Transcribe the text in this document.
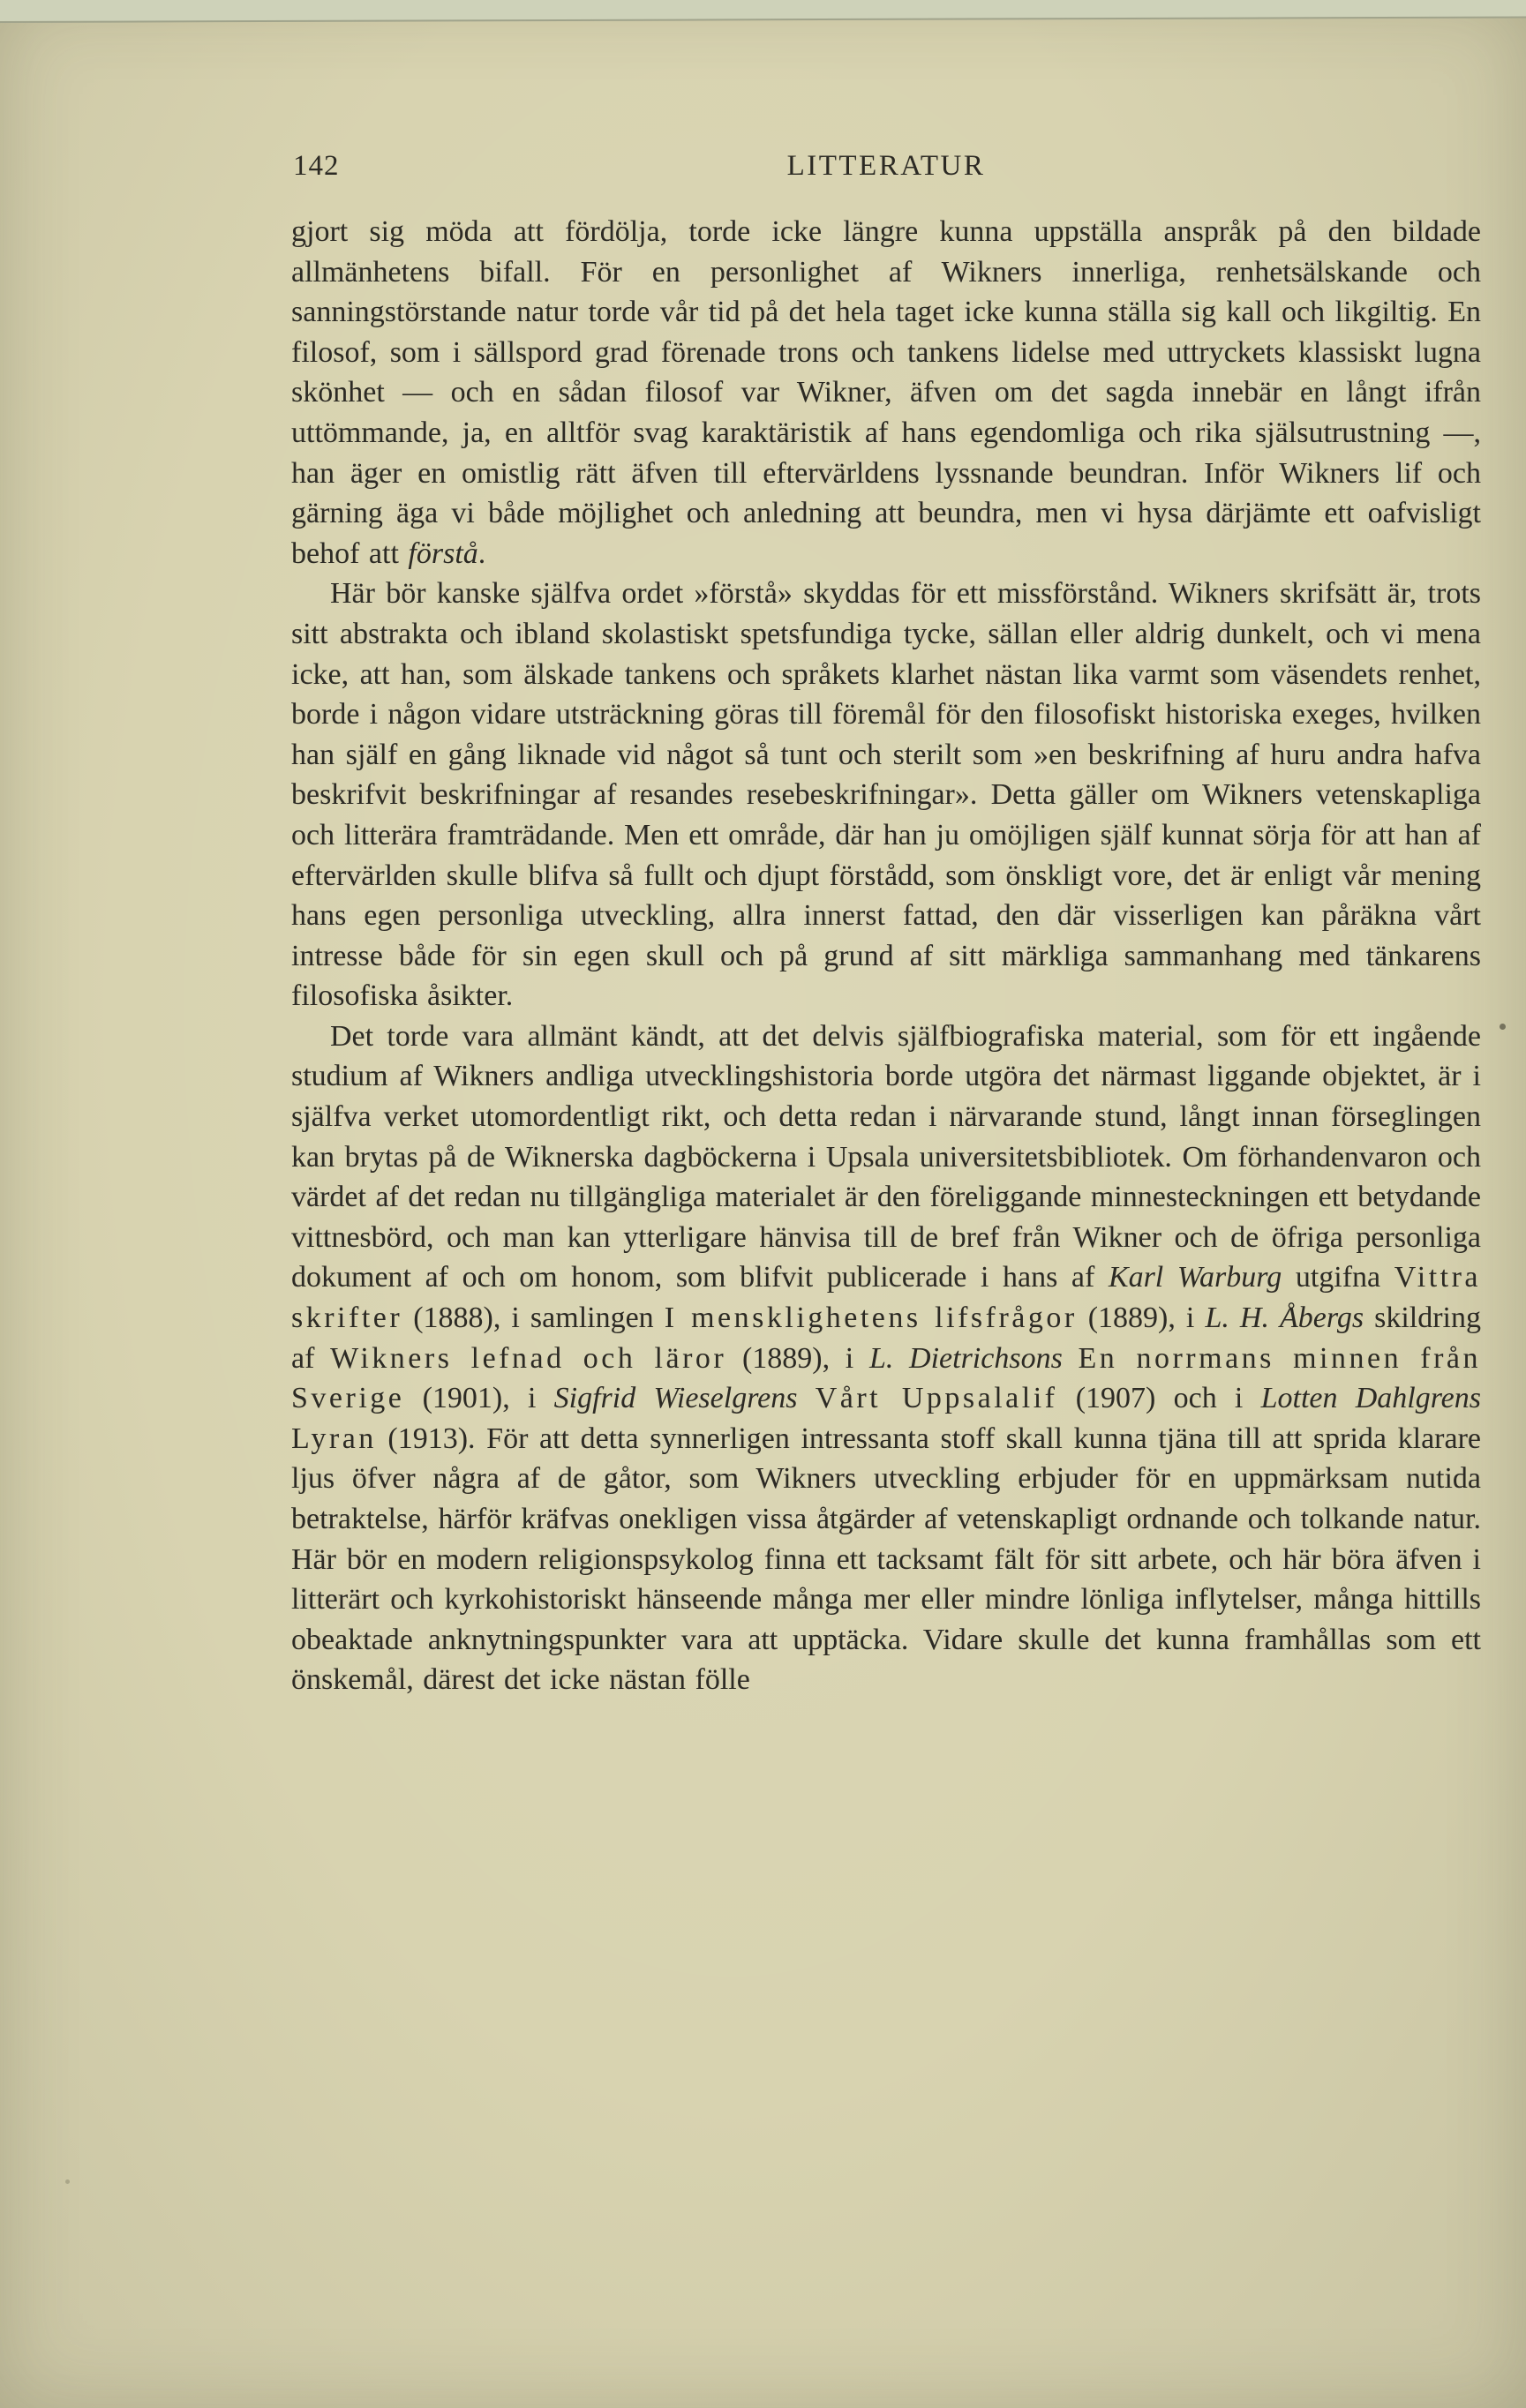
142	LITTERATUR

gjort sig möda att fördölja, torde icke längre kunna uppställa anspråk på den bildade allmänhetens bifall. För en personlighet af Wikners innerliga, renhetsälskande och sanningstörstande natur torde vår tid på det hela taget icke kunna ställa sig kall och likgiltig. En filosof, som i sällspord grad förenade trons och tankens lidelse med uttryckets klassiskt lugna skönhet — och en sådan filosof var Wikner, äfven om det sagda innebär en långt ifrån uttömmande, ja, en alltför svag karaktäristik af hans egendomliga och rika själsutrustning —, han äger en omistlig rätt äfven till eftervärldens lyssnande beundran. Inför Wikners lif och gärning äga vi både möjlighet och anledning att beundra, men vi hysa därjämte ett oafvisligt behof att förstå.

Här bör kanske själfva ordet »förstå» skyddas för ett missförstånd. Wikners skrifsätt är, trots sitt abstrakta och ibland skolastiskt spetsfundiga tycke, sällan eller aldrig dunkelt, och vi mena icke, att han, som älskade tankens och språkets klarhet nästan lika varmt som väsendets renhet, borde i någon vidare utsträckning göras till föremål för den filosofiskt historiska exeges, hvilken han själf en gång liknade vid något så tunt och sterilt som »en beskrifning af huru andra hafva beskrifvit beskrifningar af resandes resebeskrifningar». Detta gäller om Wikners vetenskapliga och litterära framträdande. Men ett område, där han ju omöjligen själf kunnat sörja för att han af eftervärlden skulle blifva så fullt och djupt förstådd, som önskligt vore, det är enligt vår mening hans egen personliga utveckling, allra innerst fattad, den där visserligen kan påräkna vårt intresse både för sin egen skull och på grund af sitt märkliga sammanhang med tänkarens filosofiska åsikter.

Det torde vara allmänt kändt, att det delvis själfbiografiska material, som för ett ingående studium af Wikners andliga utvecklingshistoria borde utgöra det närmast liggande objektet, är i själfva verket utomordentligt rikt, och detta redan i närvarande stund, långt innan förseglingen kan brytas på de Wiknerska dagböckerna i Upsala universitetsbibliotek. Om förhandenvaron och värdet af det redan nu tillgängliga materialet är den föreliggande minnesteckningen ett betydande vittnesbörd, och man kan ytterligare hänvisa till de bref från Wikner och de öfriga personliga dokument af och om honom, som blifvit publicerade i hans af Karl Warburg utgifna Vittra skrifter (1888), i samlingen I mensklighetens lifsfrågor (1889), i L. H. Åbergs skildring af Wikners lefnad och läror (1889), i L. Dietrichsons En norrmans minnen från Sverige (1901), i Sigfrid Wieselgrens Vårt Uppsalalif (1907) och i Lotten Dahlgrens Lyran (1913). För att detta synnerligen intressanta stoff skall kunna tjäna till att sprida klarare ljus öfver några af de gåtor, som Wikners utveckling erbjuder för en uppmärksam nutida betraktelse, härför kräfvas onekligen vissa åtgärder af vetenskapligt ordnande och tolkande natur. Här bör en modern religionspsykolog finna ett tacksamt fält för sitt arbete, och här böra äfven i litterärt och kyrkohistoriskt hänseende många mer eller mindre lönliga inflytelser, många hittills obeaktade anknytningspunkter vara att upptäcka. Vidare skulle det kunna framhållas som ett önskemål, därest det icke nästan fölle
